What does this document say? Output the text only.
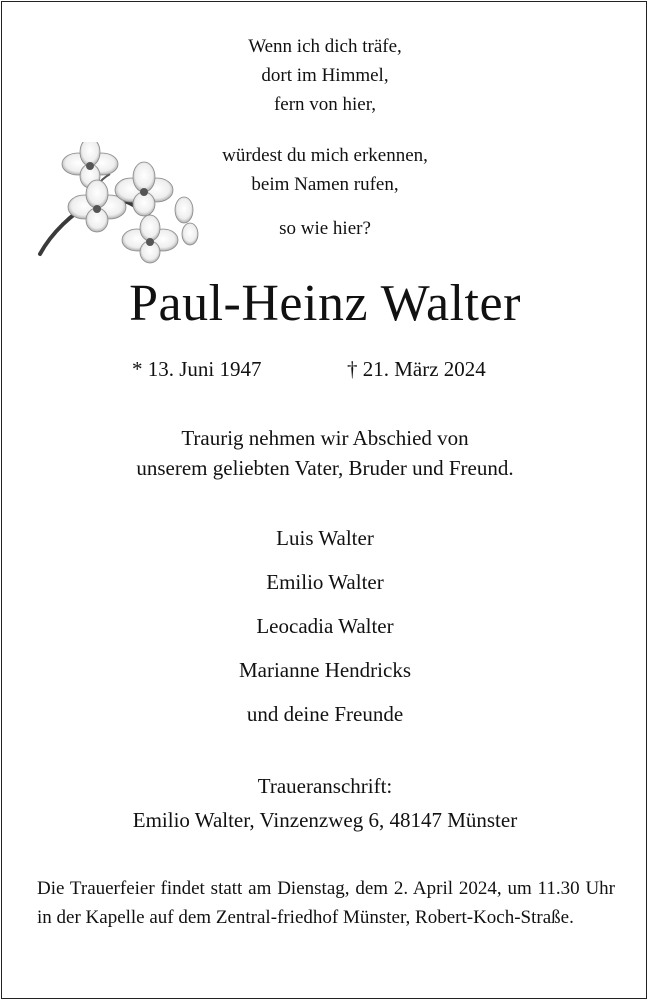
Wenn ich dich träfe,
dort im Himmel,
fern von hier,
würdest du mich erkennen,
beim Namen rufen,
so wie hier?
Paul-Heinz Walter
* 13. Juni 1947	† 21. März 2024
Traurig nehmen wir Abschied von
unserem geliebten Vater, Bruder und Freund.
Luis Walter
Emilio Walter
Leocadia Walter
Marianne Hendricks
und deine Freunde
Traueranschrift:
Emilio Walter, Vinzenzweg 6, 48147 Münster
Die Trauerfeier findet statt am Dienstag, dem 2. April 2024, um 11.30 Uhr in der Kapelle auf dem Zentral-friedhof Münster, Robert-Koch-Straße.
